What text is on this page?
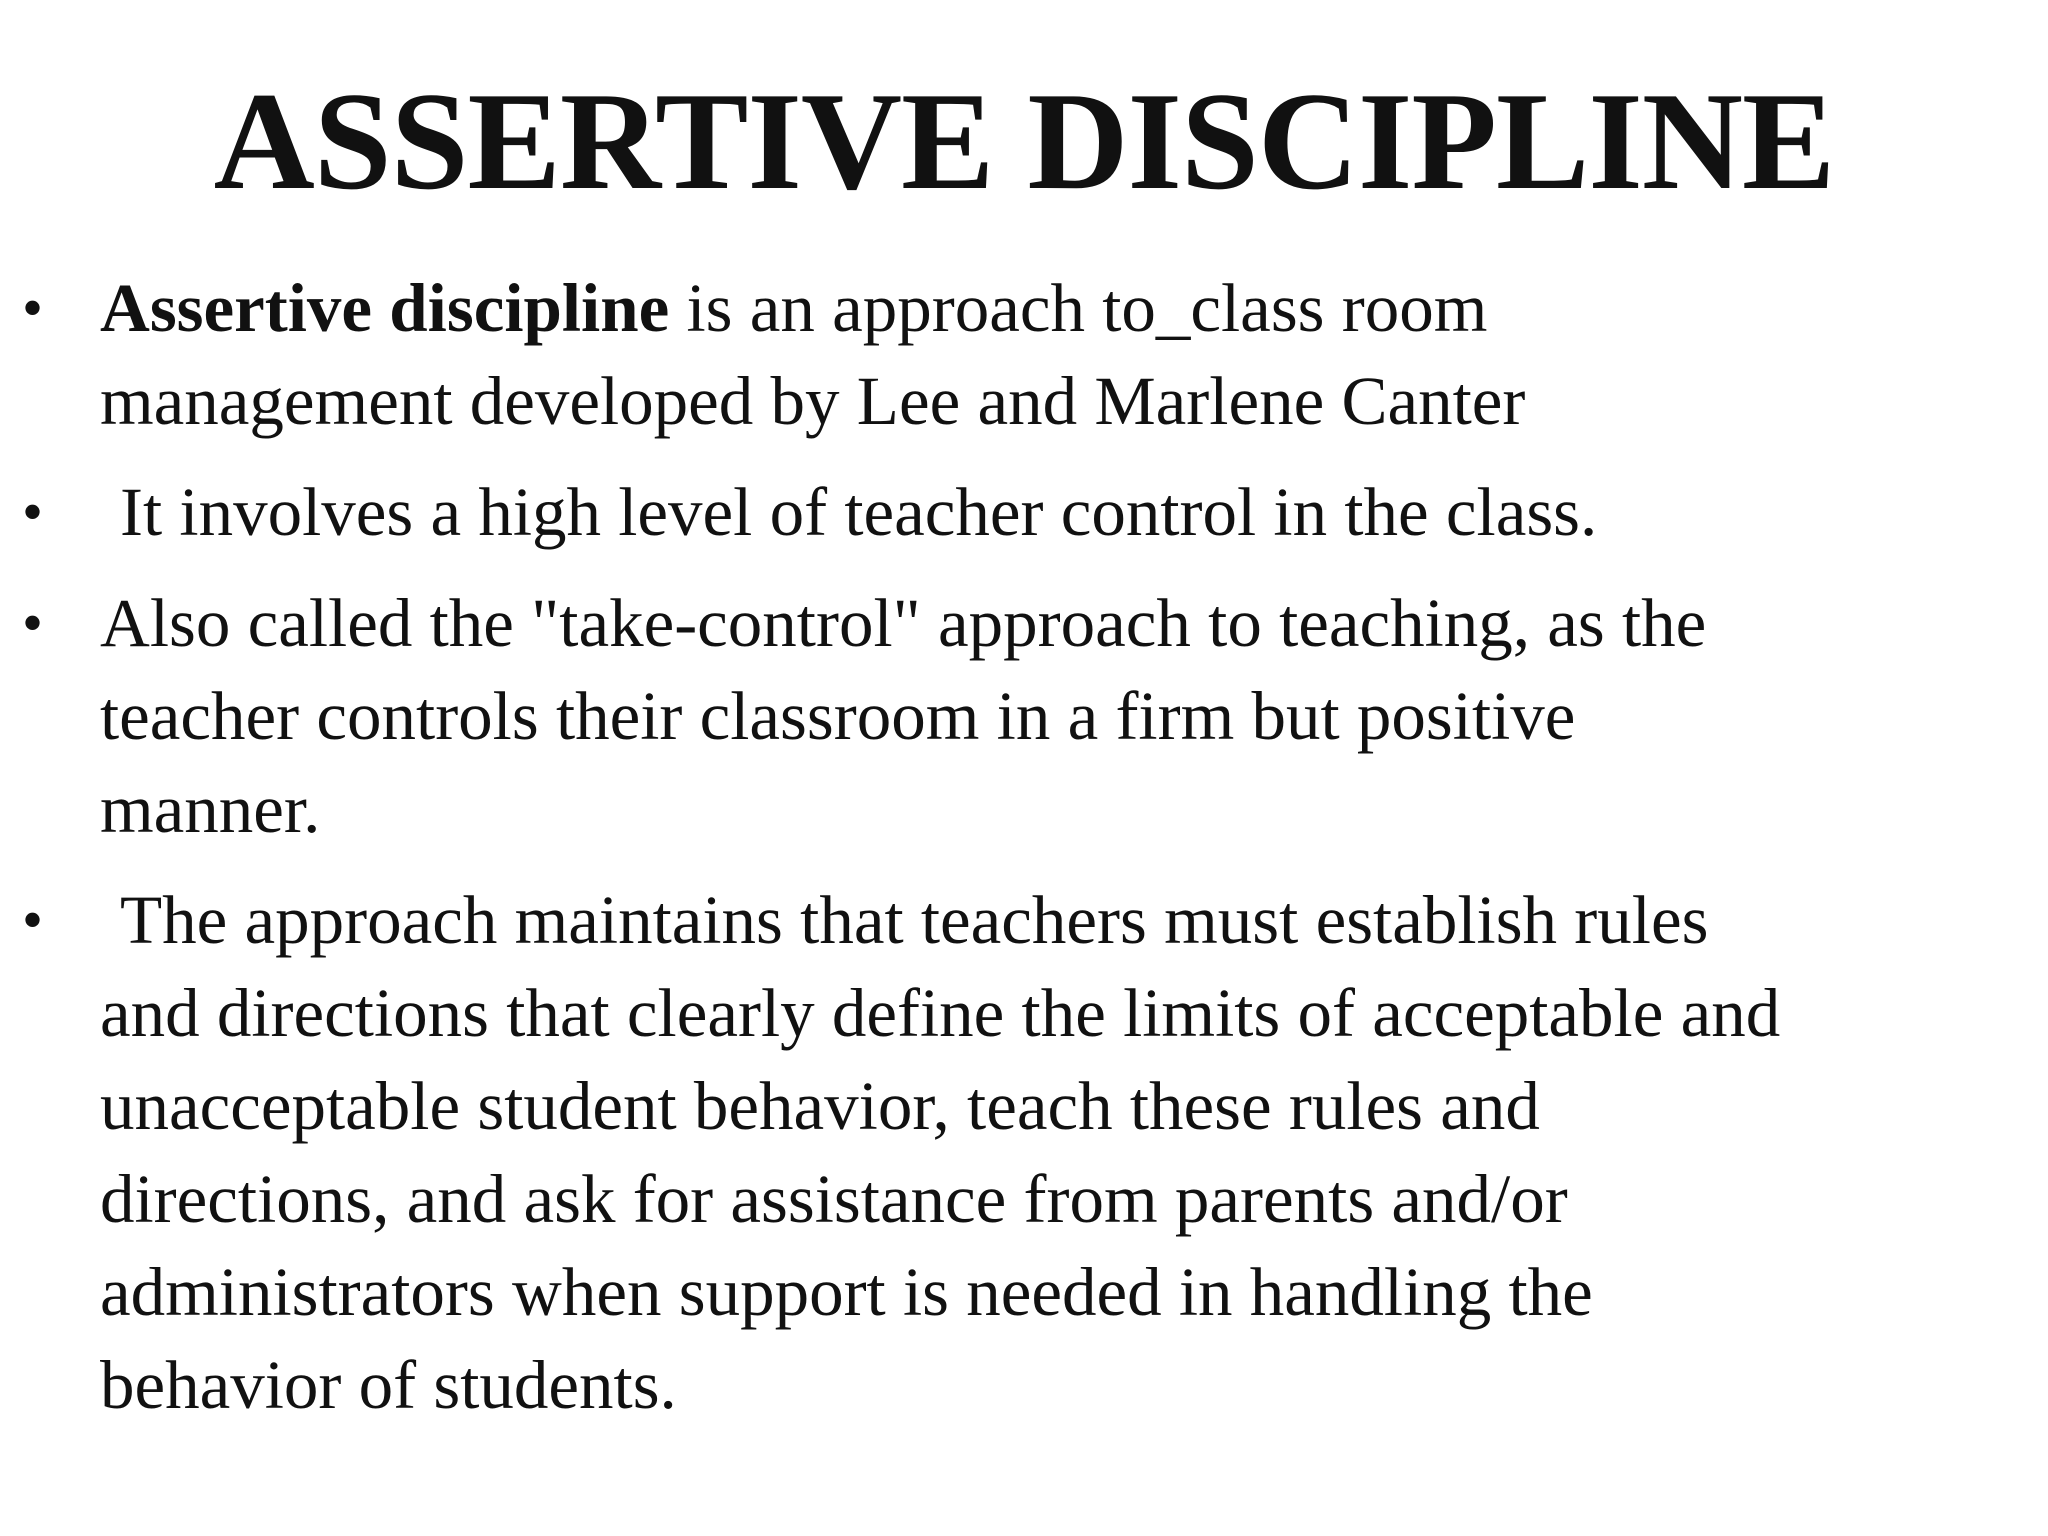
ASSERTIVE DISCIPLINE
• Assertive discipline is an approach to_class room
management developed by Lee and Marlene Canter
• It involves a high level of teacher control in the class.
• Also called the "take-control" approach to teaching, as the
teacher controls their classroom in a firm but positive
manner.
• The approach maintains that teachers must establish rules
and directions that clearly define the limits of acceptable and
unacceptable student behavior, teach these rules and
directions, and ask for assistance from parents and/or
administrators when support is needed in handling the
behavior of students.
